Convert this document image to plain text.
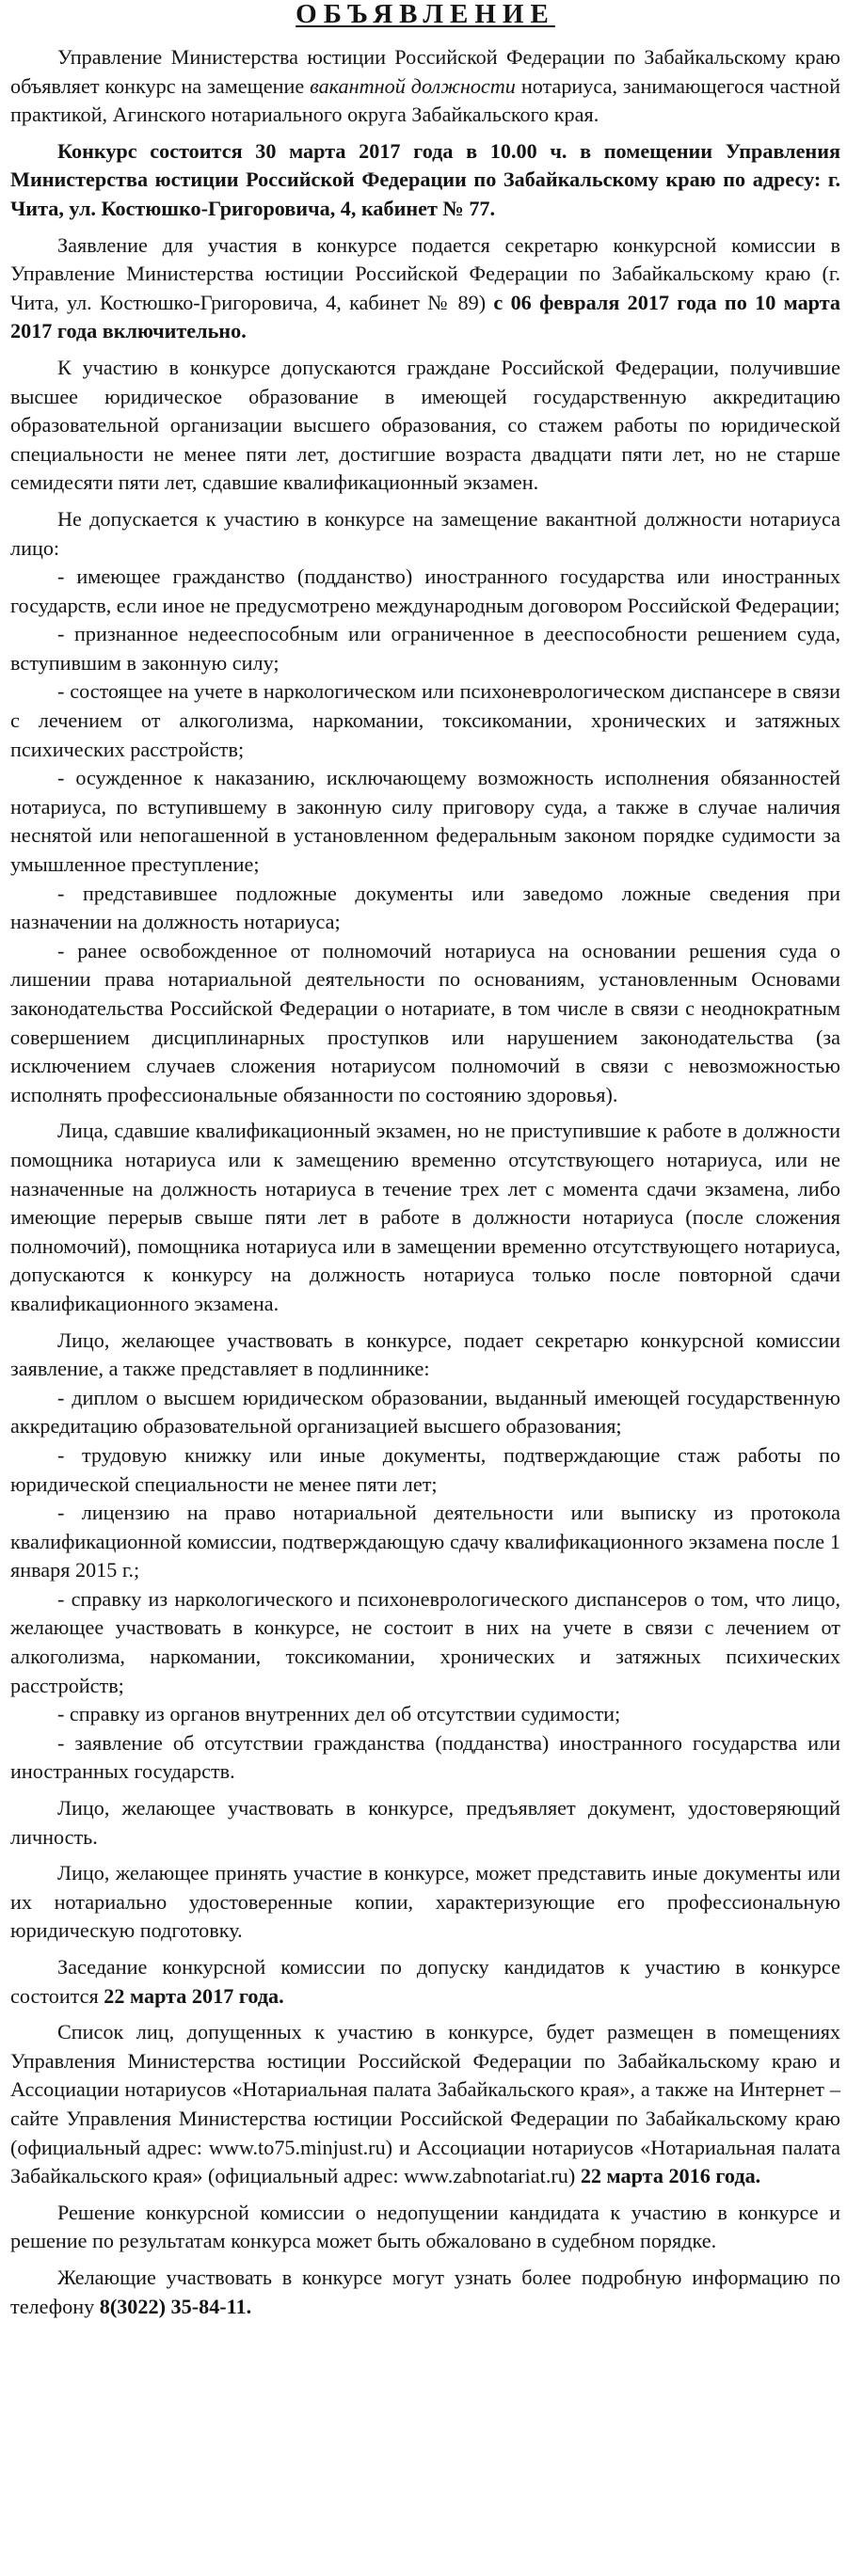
ОБЪЯВЛЕНИЕ

Управление Министерства юстиции Российской Федерации по Забайкальскому краю объявляет конкурс на замещение вакантной должности нотариуса, занимающегося частной практикой, Агинского нотариального округа Забайкальского края.

Конкурс состоится 30 марта 2017 года в 10.00 ч. в помещении Управления Министерства юстиции Российской Федерации по Забайкальскому краю по адресу: г. Чита, ул. Костюшко-Григоровича, 4, кабинет № 77.

Заявление для участия в конкурсе подается секретарю конкурсной комиссии в Управление Министерства юстиции Российской Федерации по Забайкальскому краю (г. Чита, ул. Костюшко-Григоровича, 4, кабинет № 89) с 06 февраля 2017 года по 10 марта 2017 года включительно.

К участию в конкурсе допускаются граждане Российской Федерации, получившие высшее юридическое образование в имеющей государственную аккредитацию образовательной организации высшего образования, со стажем работы по юридической специальности не менее пяти лет, достигшие возраста двадцати пяти лет, но не старше семидесяти пяти лет, сдавшие квалификационный экзамен.

Не допускается к участию в конкурсе на замещение вакантной должности нотариуса лицо:

- имеющее гражданство (подданство) иностранного государства или иностранных государств, если иное не предусмотрено международным договором Российской Федерации;

- признанное недееспособным или ограниченное в дееспособности решением суда, вступившим в законную силу;

- состоящее на учете в наркологическом или психоневрологическом диспансере в связи с лечением от алкоголизма, наркомании, токсикомании, хронических и затяжных психических расстройств;

- осужденное к наказанию, исключающему возможность исполнения обязанностей нотариуса, по вступившему в законную силу приговору суда, а также в случае наличия неснятой или непогашенной в установленном федеральным законом порядке судимости за умышленное преступление;

- представившее подложные документы или заведомо ложные сведения при назначении на должность нотариуса;

- ранее освобожденное от полномочий нотариуса на основании решения суда о лишении права нотариальной деятельности по основаниям, установленным Основами законодательства Российской Федерации о нотариате, в том числе в связи с неоднократным совершением дисциплинарных проступков или нарушением законодательства (за исключением случаев сложения нотариусом полномочий в связи с невозможностью исполнять профессиональные обязанности по состоянию здоровья).

Лица, сдавшие квалификационный экзамен, но не приступившие к работе в должности помощника нотариуса или к замещению временно отсутствующего нотариуса, или не назначенные на должность нотариуса в течение трех лет с момента сдачи экзамена, либо имеющие перерыв свыше пяти лет в работе в должности нотариуса (после сложения полномочий), помощника нотариуса или в замещении временно отсутствующего нотариуса, допускаются к конкурсу на должность нотариуса только после повторной сдачи квалификационного экзамена.

Лицо, желающее участвовать в конкурсе, подает секретарю конкурсной комиссии заявление, а также представляет в подлиннике:

- диплом о высшем юридическом образовании, выданный имеющей государственную аккредитацию образовательной организацией высшего образования;

- трудовую книжку или иные документы, подтверждающие стаж работы по юридической специальности не менее пяти лет;

- лицензию на право нотариальной деятельности или выписку из протокола квалификационной комиссии, подтверждающую сдачу квалификационного экзамена после 1 января 2015 г.;

- справку из наркологического и психоневрологического диспансеров о том, что лицо, желающее участвовать в конкурсе, не состоит в них на учете в связи с лечением от алкоголизма, наркомании, токсикомании, хронических и затяжных психических расстройств;

- справку из органов внутренних дел об отсутствии судимости;

- заявление об отсутствии гражданства (подданства) иностранного государства или иностранных государств.

Лицо, желающее участвовать в конкурсе, предъявляет документ, удостоверяющий личность.

Лицо, желающее принять участие в конкурсе, может представить иные документы или их нотариально удостоверенные копии, характеризующие его профессиональную юридическую подготовку.

Заседание конкурсной комиссии по допуску кандидатов к участию в конкурсе состоится 22 марта 2017 года.

Список лиц, допущенных к участию в конкурсе, будет размещен в помещениях Управления Министерства юстиции Российской Федерации по Забайкальскому краю и Ассоциации нотариусов «Нотариальная палата Забайкальского края», а также на Интернет – сайте Управления Министерства юстиции Российской Федерации по Забайкальскому краю (официальный адрес: www.to75.minjust.ru) и Ассоциации нотариусов «Нотариальная палата Забайкальского края» (официальный адрес: www.zabnotariat.ru) 22 марта 2016 года.

Решение конкурсной комиссии о недопущении кандидата к участию в конкурсе и решение по результатам конкурса может быть обжаловано в судебном порядке.

Желающие участвовать в конкурсе могут узнать более подробную информацию по телефону 8(3022) 35-84-11.
